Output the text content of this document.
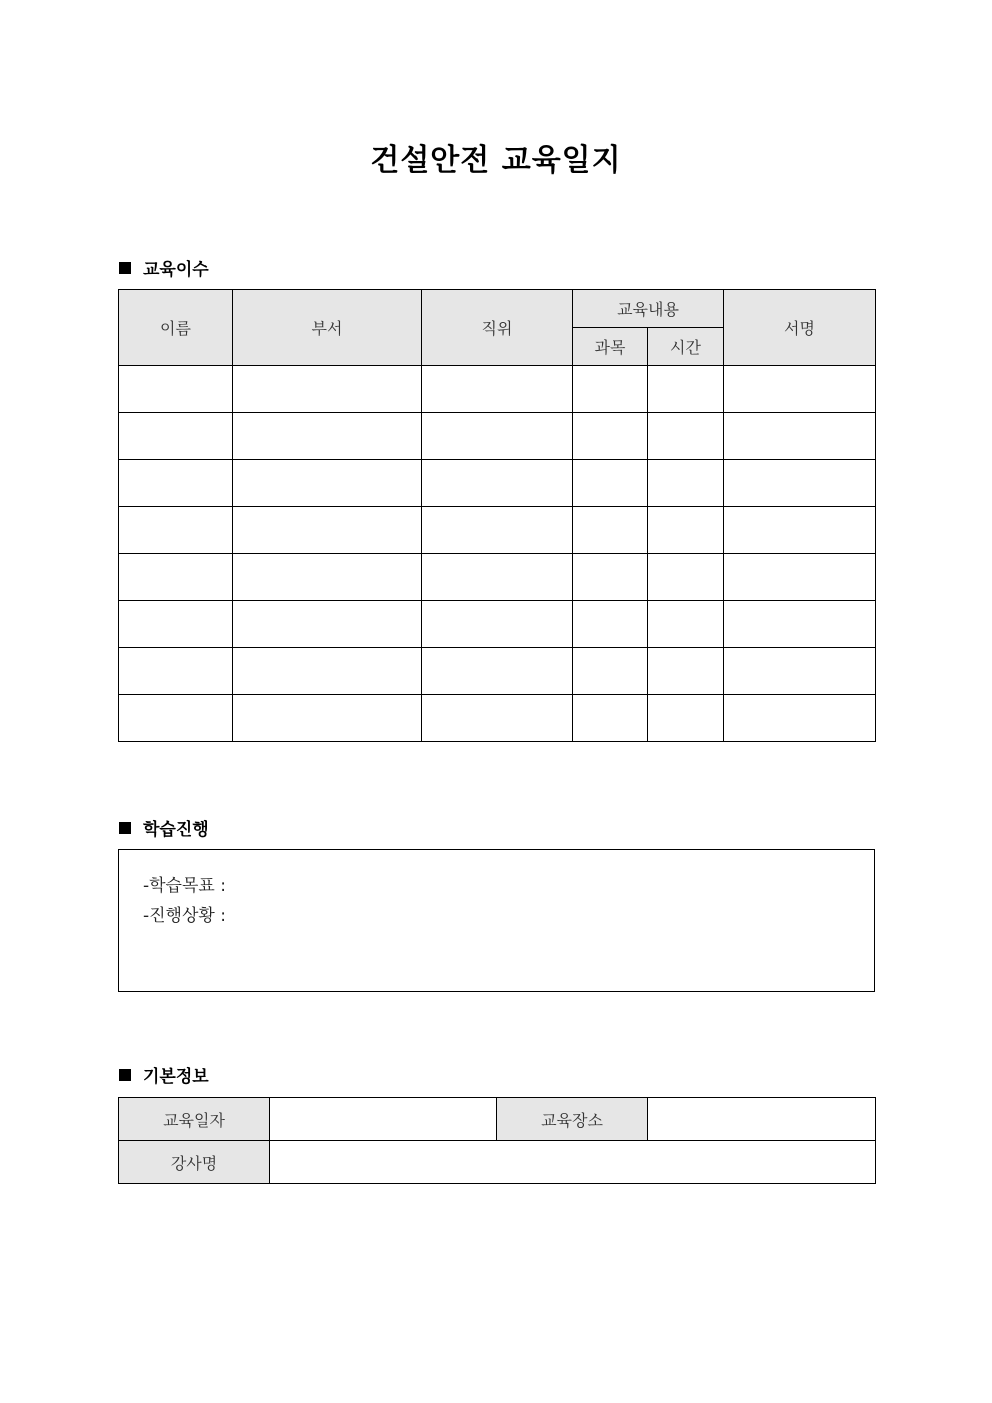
건설안전 교육일지
교육이수
이름	부서	직위	교육내용		서명
			과목	시간	

학습진행
-학습목표 :
-진행상황 :
기본정보
교육일자		교육장소	
강사명			
